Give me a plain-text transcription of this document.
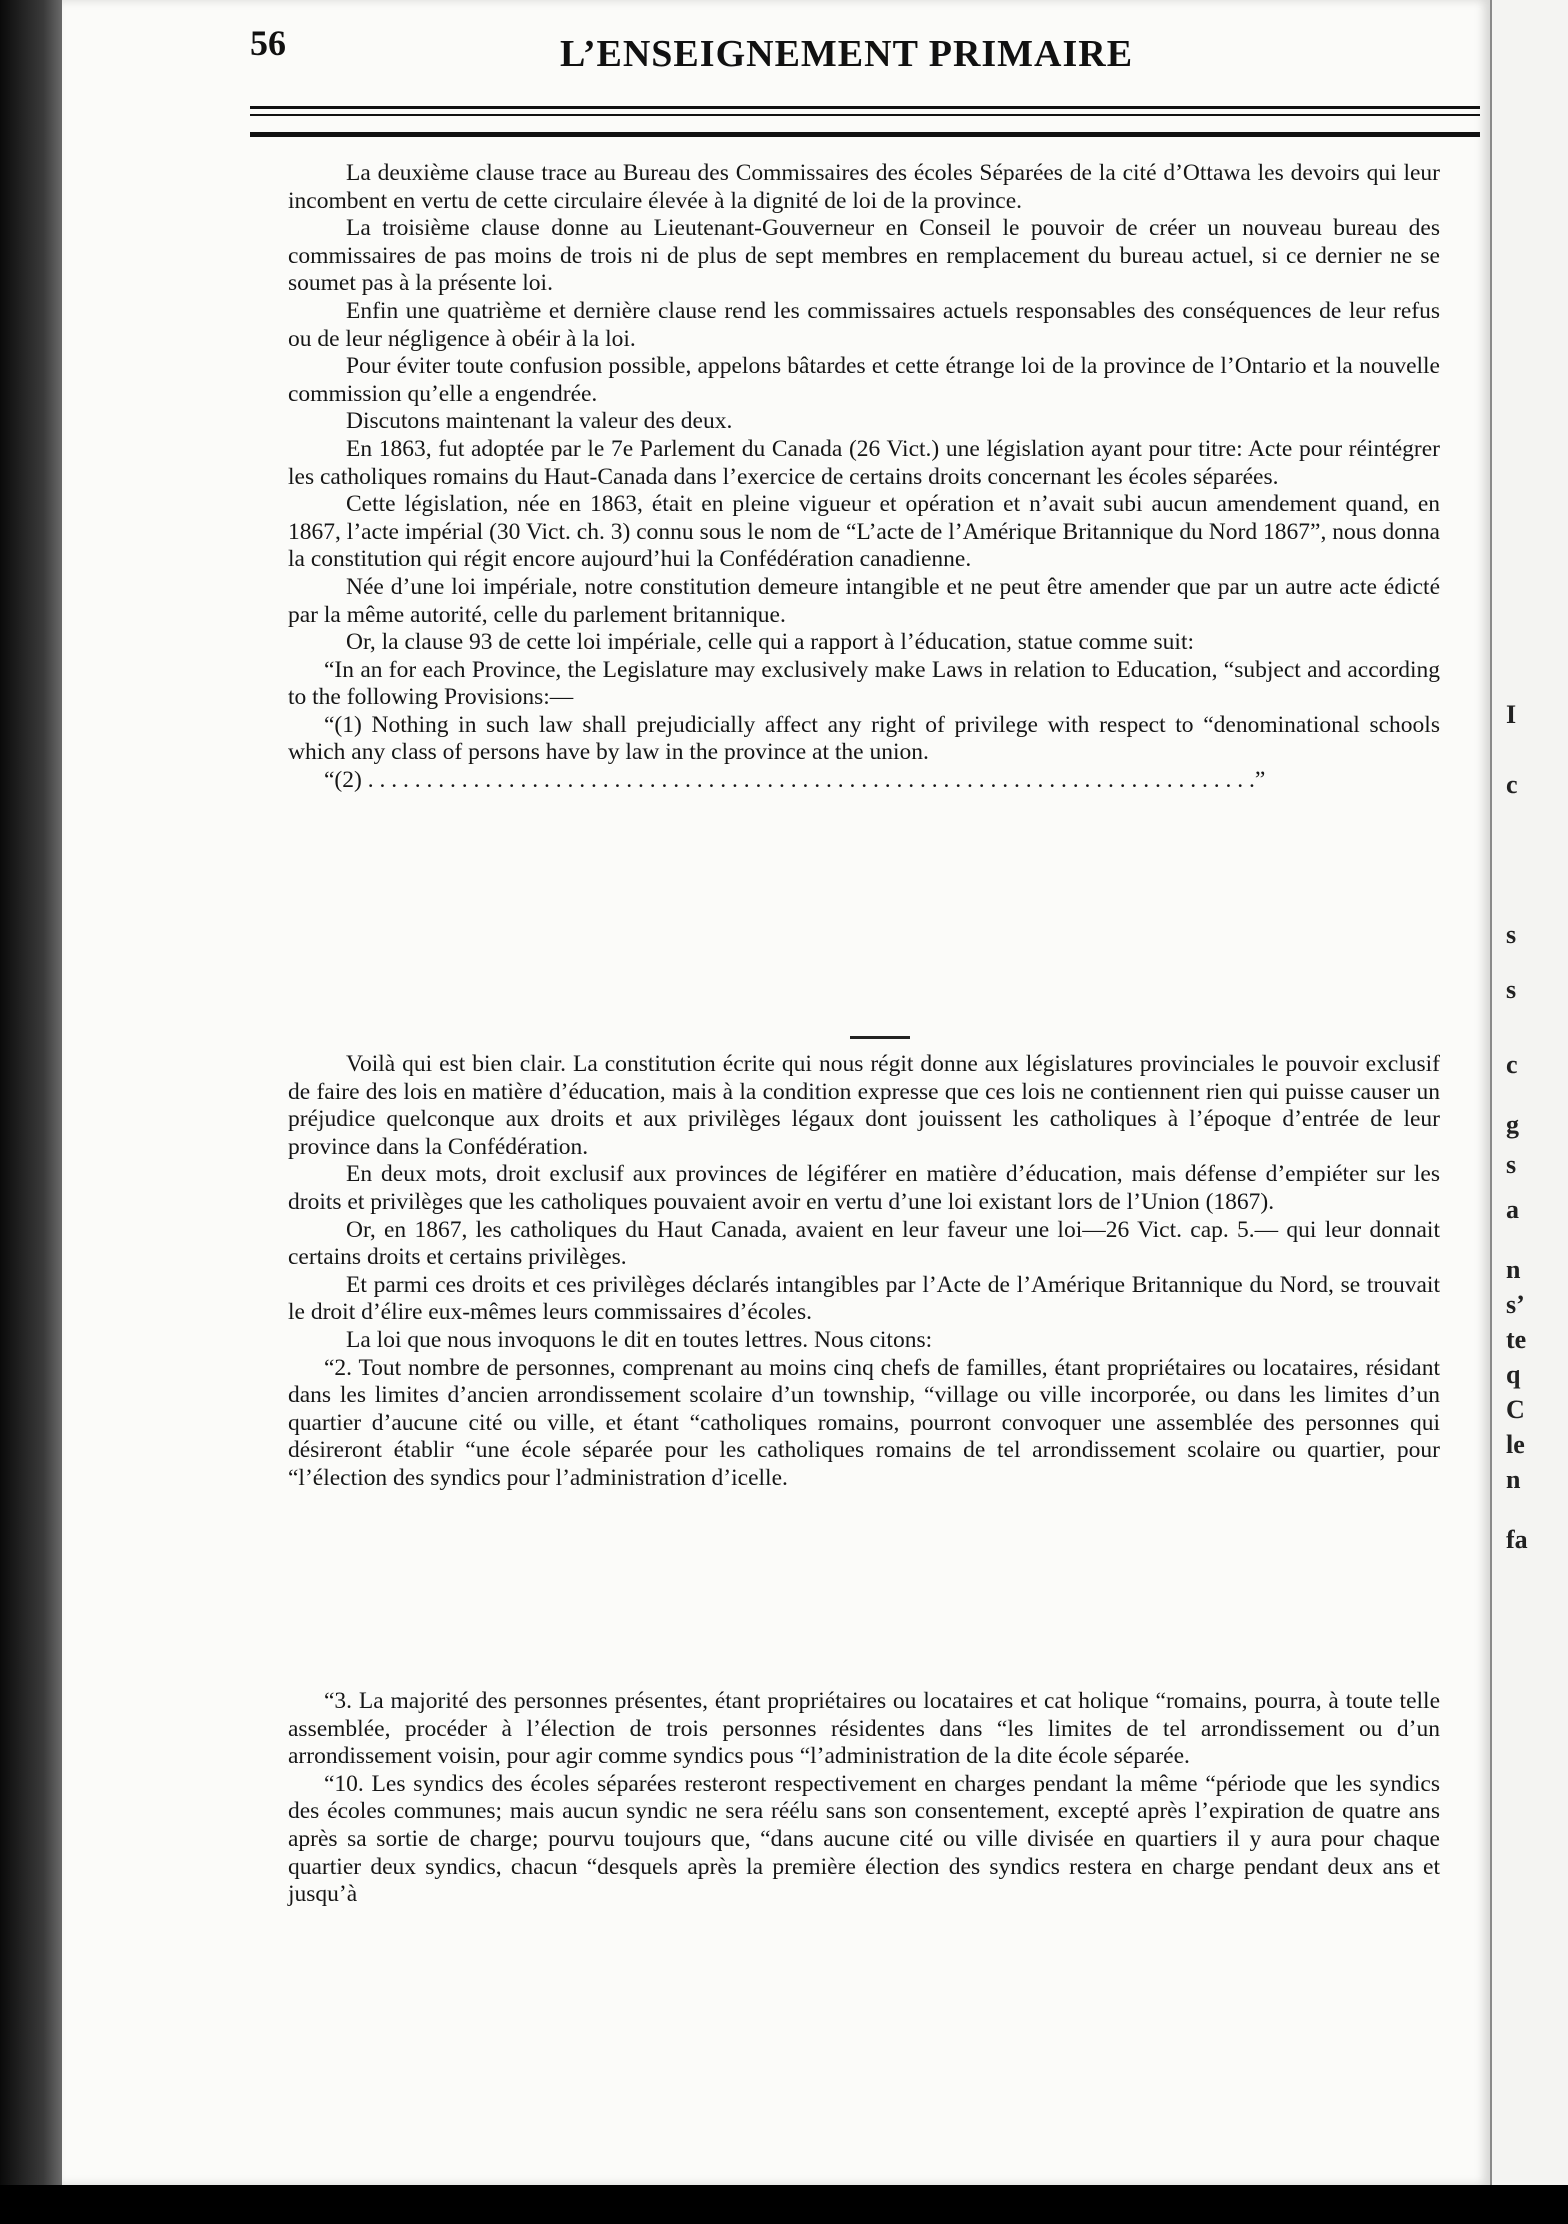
I
c
s
s
c
g
s
a
n
s’
te
q
C
le
n
fa
56	L’ENSEIGNEMENT PRIMAIRE

La deuxième clause trace au Bureau des Commissaires des écoles Séparées de la cité d’Ottawa les devoirs qui leur incombent en vertu de cette circulaire élevée à la dignité de loi de la province.

La troisième clause donne au Lieutenant-Gouverneur en Conseil le pouvoir de créer un nouveau bureau des commissaires de pas moins de trois ni de plus de sept membres en remplacement du bureau actuel, si ce dernier ne se soumet pas à la présente loi.

Enfin une quatrième et dernière clause rend les commissaires actuels responsables des conséquences de leur refus ou de leur négligence à obéir à la loi.

Pour éviter toute confusion possible, appelons bâtardes et cette étrange loi de la province de l’Ontario et la nouvelle commission qu’elle a engendrée.

Discutons maintenant la valeur des deux.

En 1863, fut adoptée par le 7e Parlement du Canada (26 Vict.) une législation ayant pour titre: Acte pour réintégrer les catholiques romains du Haut-Canada dans l’exercice de certains droits concernant les écoles séparées.

Cette législation, née en 1863, était en pleine vigueur et opération et n’avait subi aucun amendement quand, en 1867, l’acte impérial (30 Vict. ch. 3) connu sous le nom de “L’acte de l’Amérique Britannique du Nord 1867”, nous donna la constitution qui régit encore aujourd’hui la Confédération canadienne.

Née d’une loi impériale, notre constitution demeure intangible et ne peut être amender que par un autre acte édicté par la même autorité, celle du parlement britannique.

Or, la clause 93 de cette loi impériale, celle qui a rapport à l’éducation, statue comme suit:

“In an for each Province, the Legislature may exclusively make Laws in relation to Education, “subject and according to the following Provisions:—

“(1) Nothing in such law shall prejudicially affect any right of privilege with respect to “denominational schools which any class of persons have by law in the province at the union.

“(2) . . . . . . . . . . . . . . . . . . . . . . . . . . . . . . . . . . . . . . . . . . . . . . . . . . . . . . . . . . . . . . . . . . . . . . . . . . . .”

Voilà qui est bien clair. La constitution écrite qui nous régit donne aux législatures provinciales le pouvoir exclusif de faire des lois en matière d’éducation, mais à la condition expresse que ces lois ne contiennent rien qui puisse causer un préjudice quelconque aux droits et aux privilèges légaux dont jouissent les catholiques à l’époque d’entrée de leur province dans la Confédération.

En deux mots, droit exclusif aux provinces de légiférer en matière d’éducation, mais défense d’empiéter sur les droits et privilèges que les catholiques pouvaient avoir en vertu d’une loi existant lors de l’Union (1867).

Or, en 1867, les catholiques du Haut Canada, avaient en leur faveur une loi—26 Vict. cap. 5.— qui leur donnait certains droits et certains privilèges.

Et parmi ces droits et ces privilèges déclarés intangibles par l’Acte de l’Amérique Britannique du Nord, se trouvait le droit d’élire eux-mêmes leurs commissaires d’écoles.

La loi que nous invoquons le dit en toutes lettres. Nous citons:

“2. Tout nombre de personnes, comprenant au moins cinq chefs de familles, étant propriétaires ou locataires, résidant dans les limites d’ancien arrondissement scolaire d’un township, “village ou ville incorporée, ou dans les limites d’un quartier d’aucune cité ou ville, et étant “catholiques romains, pourront convoquer une assemblée des personnes qui désireront établir “une école séparée pour les catholiques romains de tel arrondissement scolaire ou quartier, pour “l’élection des syndics pour l’administration d’icelle.

“3. La majorité des personnes présentes, étant propriétaires ou locataires et cat holique “romains, pourra, à toute telle assemblée, procéder à l’élection de trois personnes résidentes dans “les limites de tel arrondissement ou d’un arrondissement voisin, pour agir comme syndics pous “l’administration de la dite école séparée.

“10. Les syndics des écoles séparées resteront respectivement en charges pendant la même “période que les syndics des écoles communes; mais aucun syndic ne sera réélu sans son consentement, excepté après l’expiration de quatre ans après sa sortie de charge; pourvu toujours que, “dans aucune cité ou ville divisée en quartiers il y aura pour chaque quartier deux syndics, chacun “desquels après la première élection des syndics restera en charge pendant deux ans et jusqu’à
